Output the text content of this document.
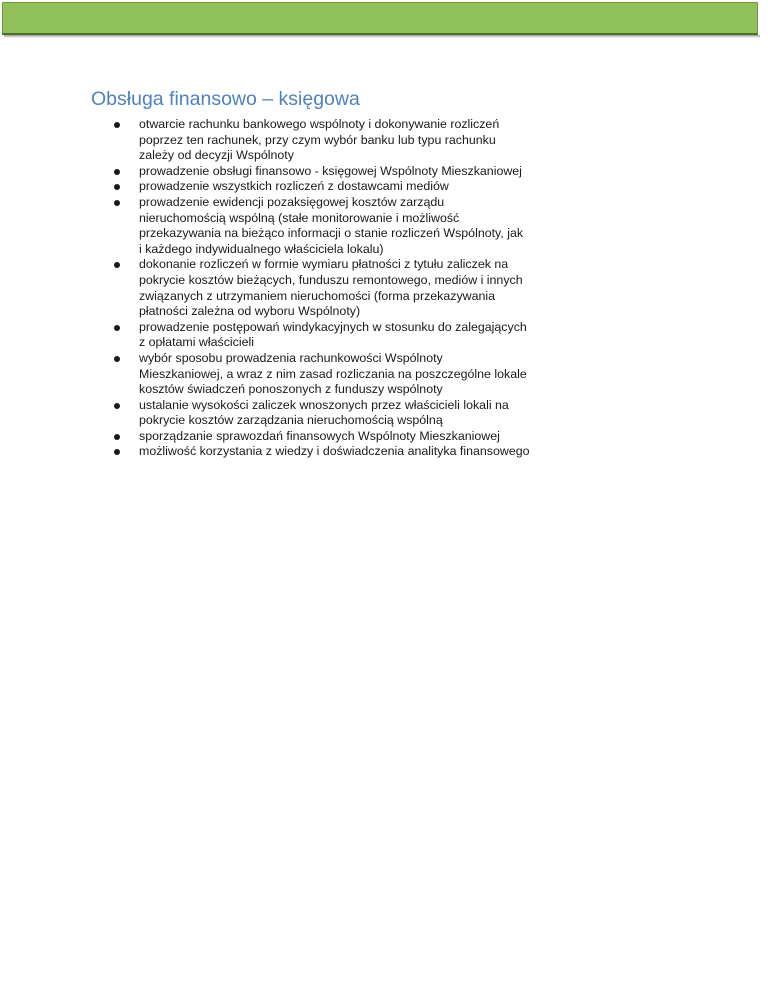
Obsługa finansowo – księgowa
otwarcie rachunku bankowego wspólnoty i dokonywanie rozliczeń
poprzez ten rachunek, przy czym wybór banku lub typu rachunku
zależy od decyzji Wspólnoty
prowadzenie obsługi finansowo - księgowej Wspólnoty Mieszkaniowej
prowadzenie wszystkich rozliczeń z dostawcami mediów
prowadzenie ewidencji pozaksięgowej kosztów zarządu
nieruchomością wspólną (stałe monitorowanie i możliwość
przekazywania na bieżąco informacji o stanie rozliczeń Wspólnoty, jak
i każdego indywidualnego właściciela lokalu)
dokonanie rozliczeń w formie wymiaru płatności z tytułu zaliczek na
pokrycie kosztów bieżących, funduszu remontowego, mediów i innych
związanych z utrzymaniem nieruchomości (forma przekazywania
płatności zależna od wyboru Wspólnoty)
prowadzenie postępowań windykacyjnych w stosunku do zalegających
z opłatami właścicieli
wybór sposobu prowadzenia rachunkowości Wspólnoty
Mieszkaniowej, a wraz z nim zasad rozliczania na poszczególne lokale
kosztów świadczeń ponoszonych z funduszy wspólnoty
ustalanie wysokości zaliczek wnoszonych przez właścicieli lokali na
pokrycie kosztów zarządzania nieruchomością wspólną
sporządzanie sprawozdań finansowych Wspólnoty Mieszkaniowej
możliwość korzystania z wiedzy i doświadczenia analityka finansowego
